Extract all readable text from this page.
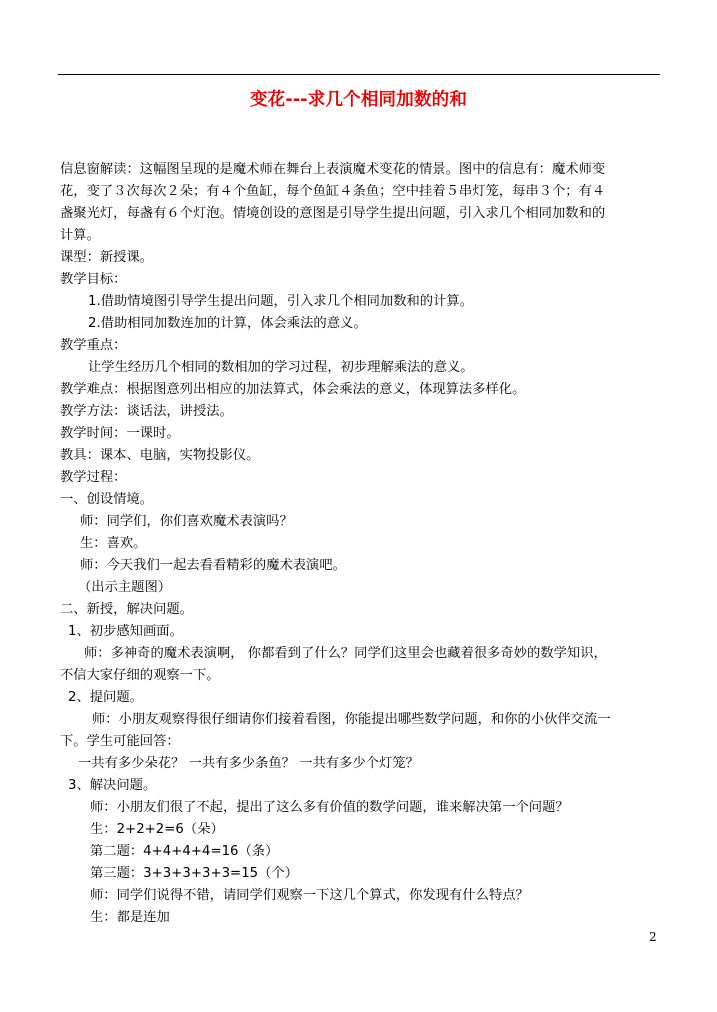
变花---求几个相同加数的和
信息窗解读：这幅图呈现的是魔术师在舞台上表演魔术变花的情景。图中的信息有：魔术师变
花，变了３次每次２朵；有４个鱼缸，每个鱼缸４条鱼；空中挂着５串灯笼，每串３个；有４
盏聚光灯，每盏有６个灯泡。情境创设的意图是引导学生提出问题，引入求几个相同加数和的
计算。
课型：新授课。
教学目标：
1.借助情境图引导学生提出问题，引入求几个相同加数和的计算。
2.借助相同加数连加的计算，体会乘法的意义。
教学重点：
让学生经历几个相同的数相加的学习过程，初步理解乘法的意义。
教学难点：根据图意列出相应的加法算式，体会乘法的意义，体现算法多样化。
教学方法：谈话法，讲授法。
教学时间：一课时。
教具：课本、电脑，实物投影仪。
教学过程：
一、创设情境。
师：同学们，你们喜欢魔术表演吗？
生：喜欢。
师：今天我们一起去看看精彩的魔术表演吧。
（出示主题图）
二、新授，解决问题。
1、初步感知画面。
师：多神奇的魔术表演啊， 你都看到了什么？同学们这里会也藏着很多奇妙的数学知识，
不信大家仔细的观察一下。
2、提问题。
师：小朋友观察得很仔细请你们接着看图，你能提出哪些数学问题，和你的小伙伴交流一
下。学生可能回答：
一共有多少朵花？ 一共有多少条鱼？ 一共有多少个灯笼？
3、解决问题。
师：小朋友们很了不起，提出了这么多有价值的数学问题，谁来解决第一个问题？
生：2+2+2=6（朵）
第二题：4+4+4+4=16（条）
第三题：3+3+3+3+3=15（个）
师：同学们说得不错，请同学们观察一下这几个算式，你发现有什么特点？
生：都是连加
2
